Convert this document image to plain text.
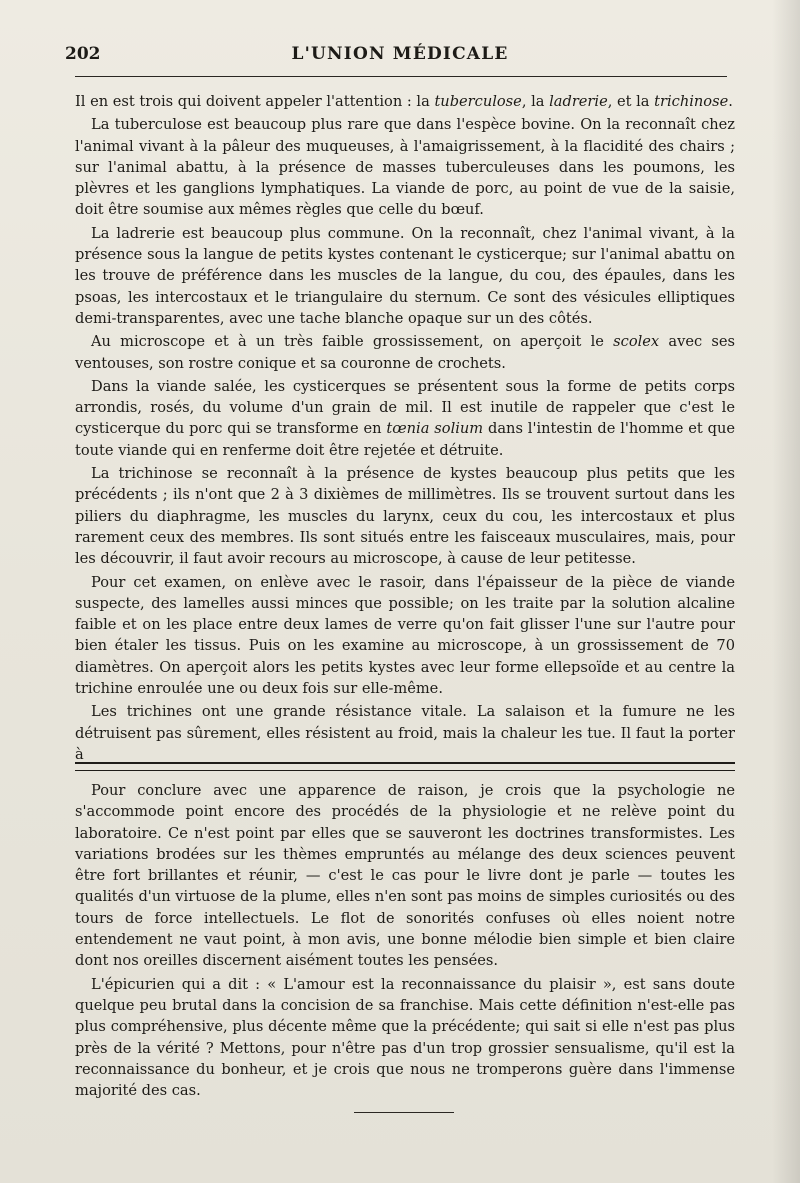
202	L'UNION MÉDICALE

Il en est trois qui doivent appeler l'attention : la tuberculose, la ladrerie, et la trichinose.

La tuberculose est beaucoup plus rare que dans l'espèce bovine. On la reconnaît chez l'animal vivant à la pâleur des muqueuses, à l'amaigrissement, à la flacidité des chairs ; sur l'animal abattu, à la présence de masses tuberculeuses dans les poumons, les plèvres et les ganglions lymphatiques. La viande de porc, au point de vue de la saisie, doit être soumise aux mêmes règles que celle du bœuf.

La ladrerie est beaucoup plus commune. On la reconnaît, chez l'animal vivant, à la présence sous la langue de petits kystes contenant le cysticerque; sur l'animal abattu on les trouve de préférence dans les muscles de la langue, du cou, des épaules, dans les psoas, les intercostaux et le triangulaire du sternum. Ce sont des vésicules elliptiques demi-transparentes, avec une tache blanche opaque sur un des côtés.

Au microscope et à un très faible grossissement, on aperçoit le scolex avec ses ventouses, son rostre conique et sa couronne de crochets.

Dans la viande salée, les cysticerques se présentent sous la forme de petits corps arrondis, rosés, du volume d'un grain de mil. Il est inutile de rappeler que c'est le cysticerque du porc qui se transforme en tœnia solium dans l'intestin de l'homme et que toute viande qui en renferme doit être rejetée et détruite.

La trichinose se reconnaît à la présence de kystes beaucoup plus petits que les précédents ; ils n'ont que 2 à 3 dixièmes de millimètres. Ils se trouvent surtout dans les piliers du diaphragme, les muscles du larynx, ceux du cou, les intercostaux et plus rarement ceux des membres. Ils sont situés entre les faisceaux musculaires, mais, pour les découvrir, il faut avoir recours au microscope, à cause de leur petitesse.

Pour cet examen, on enlève avec le rasoir, dans l'épaisseur de la pièce de viande suspecte, des lamelles aussi minces que possible; on les traite par la solution alcaline faible et on les place entre deux lames de verre qu'on fait glisser l'une sur l'autre pour bien étaler les tissus. Puis on les examine au microscope, à un grossissement de 70 diamètres. On aperçoit alors les petits kystes avec leur forme ellepsoïde et au centre la trichine enroulée une ou deux fois sur elle-même.

Les trichines ont une grande résistance vitale. La salaison et la fumure ne les détruisent pas sûrement, elles résistent au froid, mais la chaleur les tue. Il faut la porter à

Pour conclure avec une apparence de raison, je crois que la psychologie ne s'accommode point encore des procédés de la physiologie et ne relève point du laboratoire. Ce n'est point par elles que se sauveront les doctrines transformistes. Les variations brodées sur les thèmes empruntés au mélange des deux sciences peuvent être fort brillantes et réunir, — c'est le cas pour le livre dont je parle — toutes les qualités d'un virtuose de la plume, elles n'en sont pas moins de simples curiosités ou des tours de force intellectuels. Le flot de sonorités confuses où elles noient notre entendement ne vaut point, à mon avis, une bonne mélodie bien simple et bien claire dont nos oreilles discernent aisément toutes les pensées.

L'épicurien qui a dit : « L'amour est la reconnaissance du plaisir », est sans doute quelque peu brutal dans la concision de sa franchise. Mais cette définition n'est-elle pas plus compréhensive, plus décente même que la précédente; qui sait si elle n'est pas plus près de la vérité ? Mettons, pour n'être pas d'un trop grossier sensualisme, qu'il est la reconnaissance du bonheur, et je crois que nous ne tromperons guère dans l'immense majorité des cas.
